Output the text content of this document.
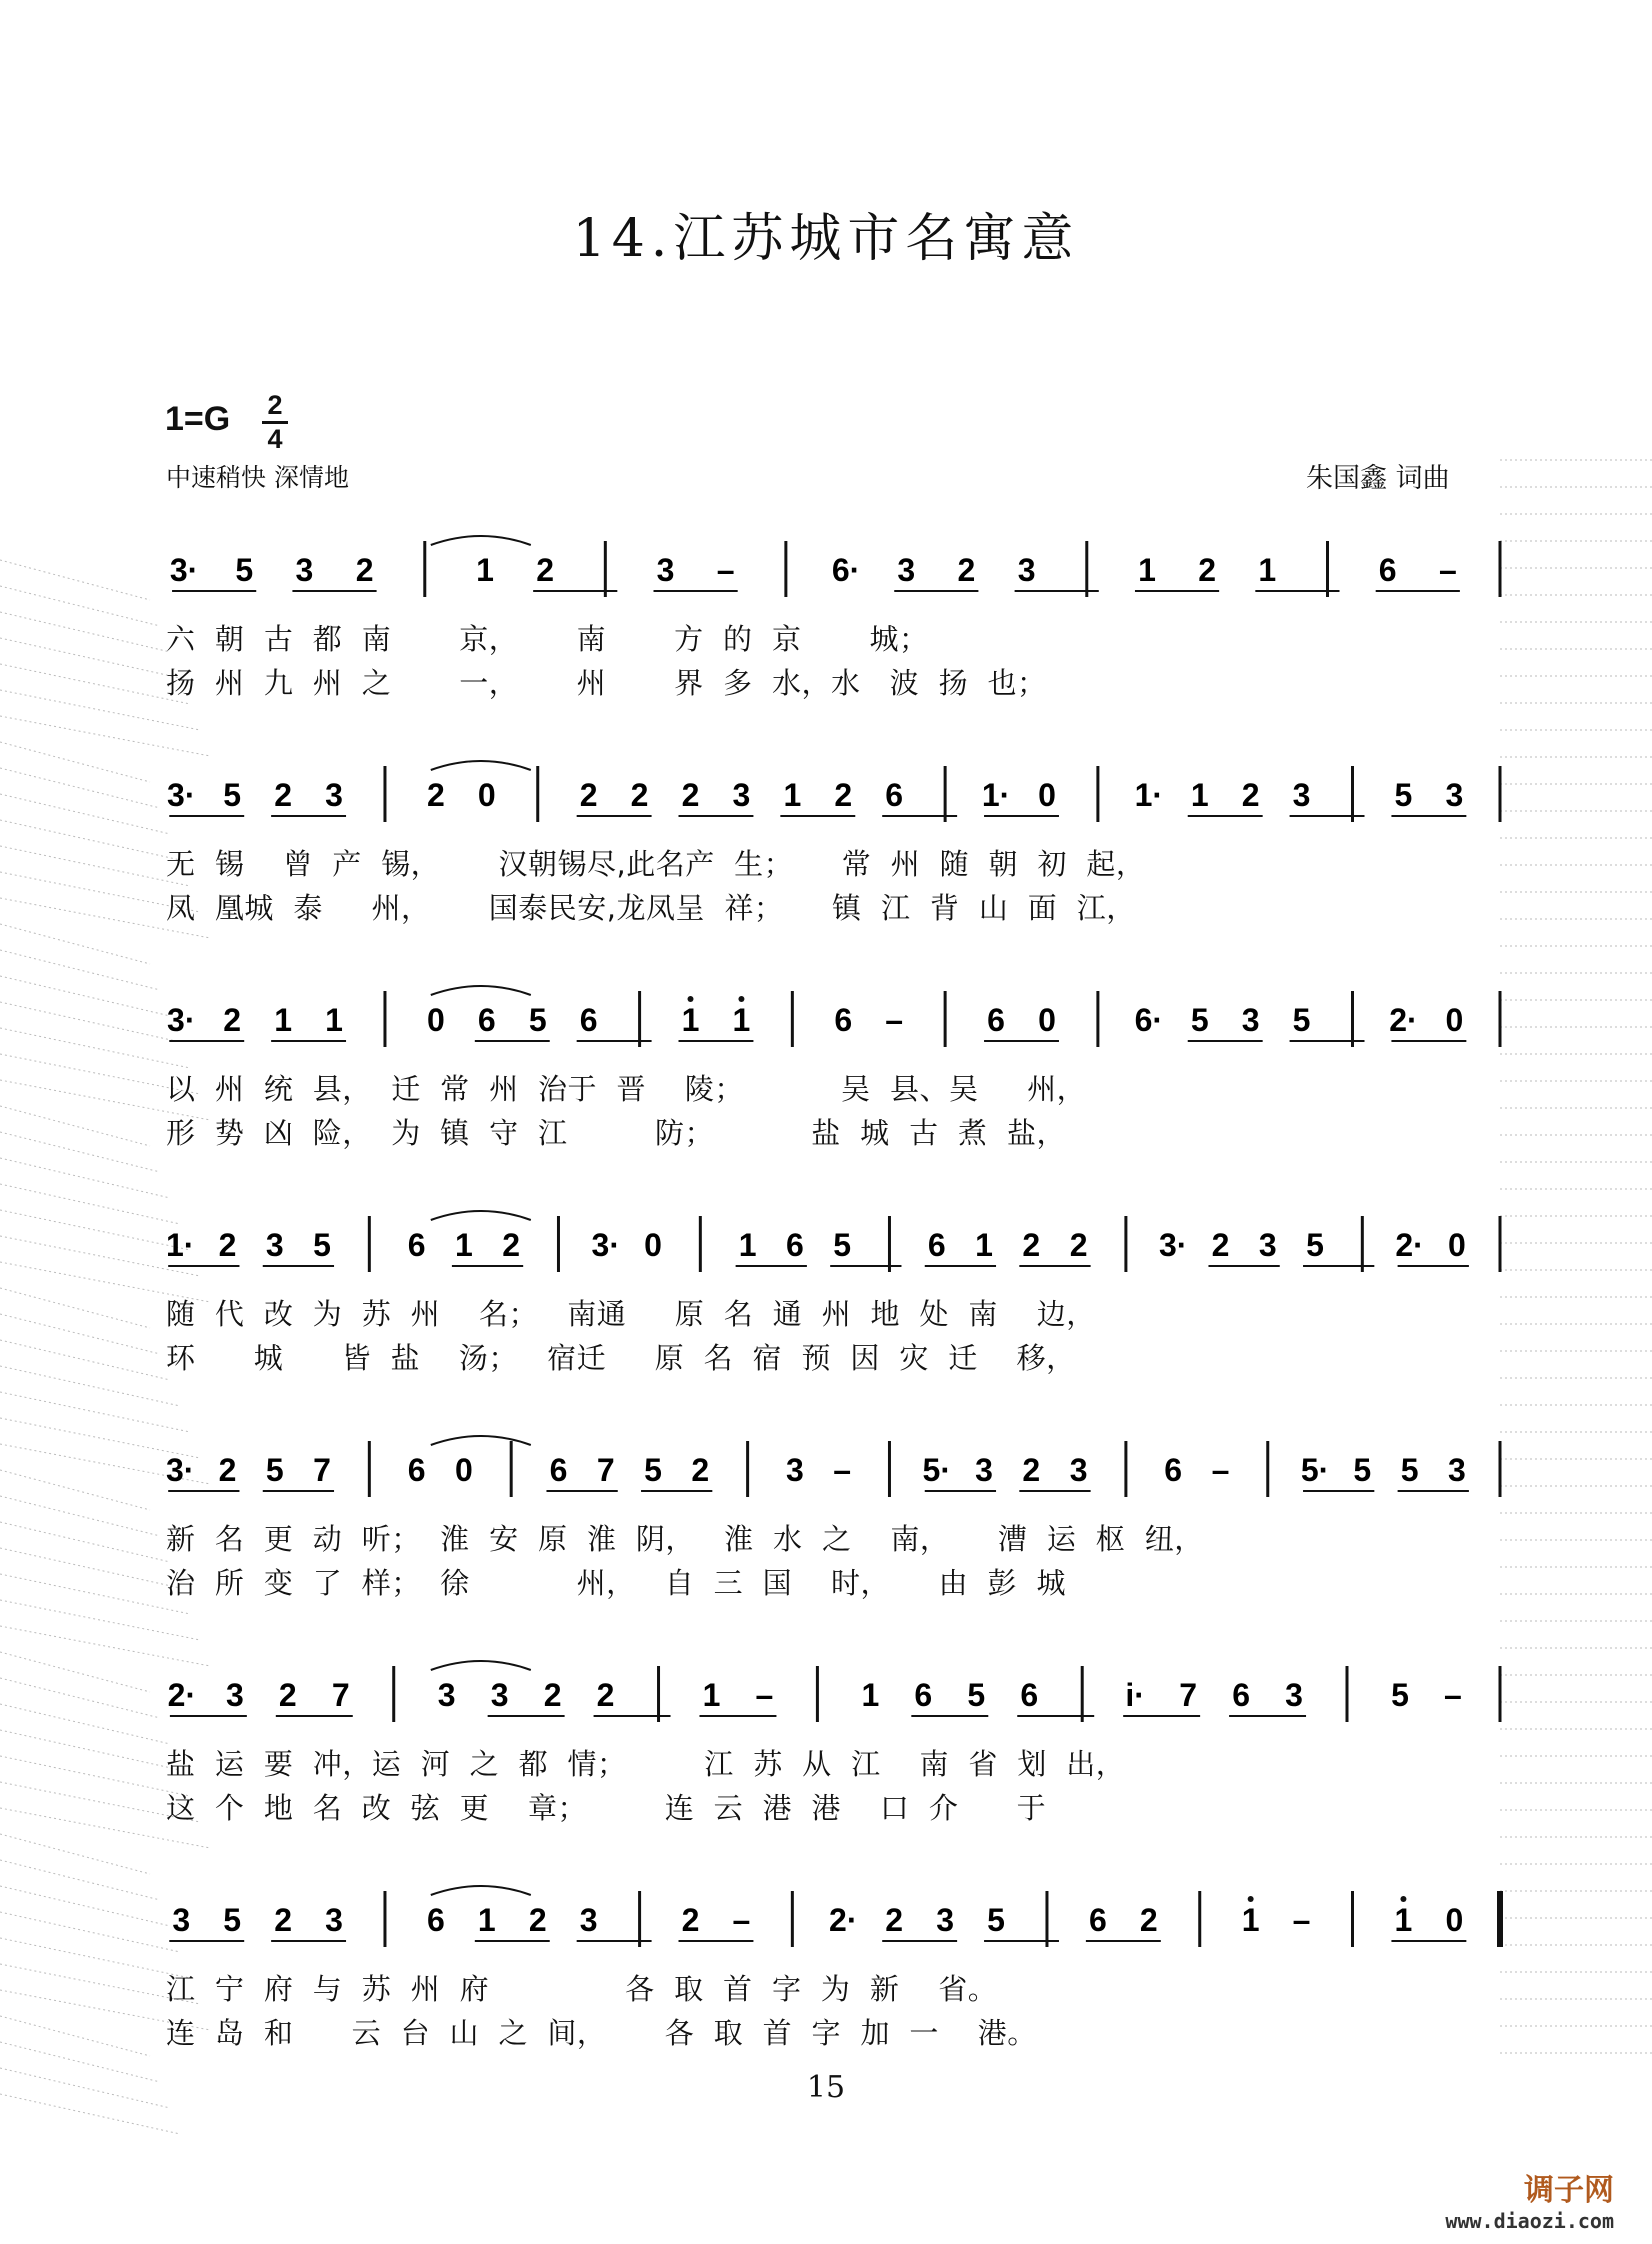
14.江苏城市名寓意
1=G 2
4
中速稍快 深情地	朱国鑫 词曲
3· 5 3 2	1 2	3 –	6· 3 2 3	1 2 1	6 –
六  朝  古  都  南       京，      南       方  的  京       城；
扬  州  九  州  之       一，      州       界  多  水，水   波  扬  也；
3· 5 2 3	2 0	2 2 2 3 1 2 6 1· 0 1· 1 2 3	5 3
无  锡    曾  产  锡，      汉朝锡尽,此名产  生；     常  州  随  朝  初  起，
凤  凰城  泰     州，      国泰民安,龙凤呈  祥；     镇  江  背  山  面  江，
3· 2 1 1	0 6 5 6	1 1	6 –	6 0 6· 5 3 5 2· 0
以  州  统  县，  迁  常  州  治于  晋    陵；          吴  县、吴     州，
形  势  凶  险，  为  镇  守  江         防；          盐  城  古  煮  盐，
1· 2 3 5 6 1 2 3· 0 1 6 5 6 1 2 2 3· 2 3 5 2· 0
随  代  改  为  苏  州    名；   南通     原  名  通  州  地  处  南    边，
环      城      皆  盐    汤；   宿迁     原  名  宿  预  因  灾  迁    移，
3· 2 5 7 6 0 6 7 5 2 3 – 5· 3 2 3 6 – 5· 5 5 3
新  名  更  动  听；  淮  安  原  淮  阴，   淮  水  之    南，     漕  运  枢  纽，
治  所  变  了  样；  徐           州，   自  三  国    时，     由  彭  城
2· 3 2 7	3 3 2 2	1 –	1 6 5 6	i· 7 6 3	5 –
盐  运  要  冲，运  河  之  都  情；        江  苏  从  江    南  省  划  出，
这  个  地  名  改  弦  更    章；        连  云  港  港    口  介      于
3 5 2 3	6 1 2 3	2 – 2· 2 3 5	6 2	1 –	1 0
江  宁  府  与  苏  州  府              各  取  首  字  为  新    省。
连  岛  和      云  台  山  之  间，      各  取  首  字  加  一    港。
15
调子网
www.diaozi.com
